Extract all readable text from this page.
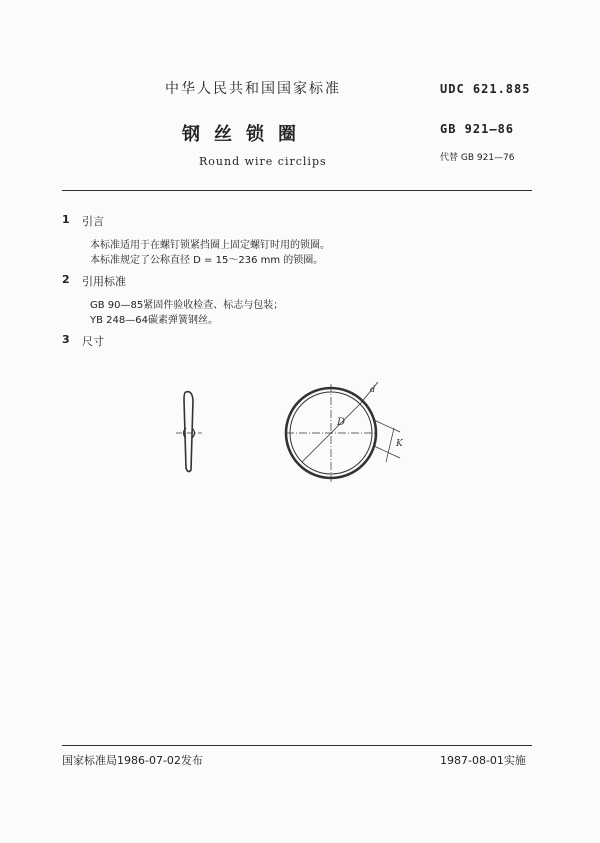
中华人民共和国国家标准	UDC 621.885
钢丝锁圈	GB 921—86
Round wire circlips	代替 GB 921—76
1 引言
本标准适用于在螺钉锁紧挡圈上固定螺钉时用的锁圈。
本标准规定了公称直径 D = 15～236 mm 的锁圈。
2 引用标准
GB 90—85紧固件验收检查、标志与包装；
YB 248—64碳素弹簧钢丝。
3 尺寸
D
d
K
国家标准局1986-07-02发布	1987-08-01实施
